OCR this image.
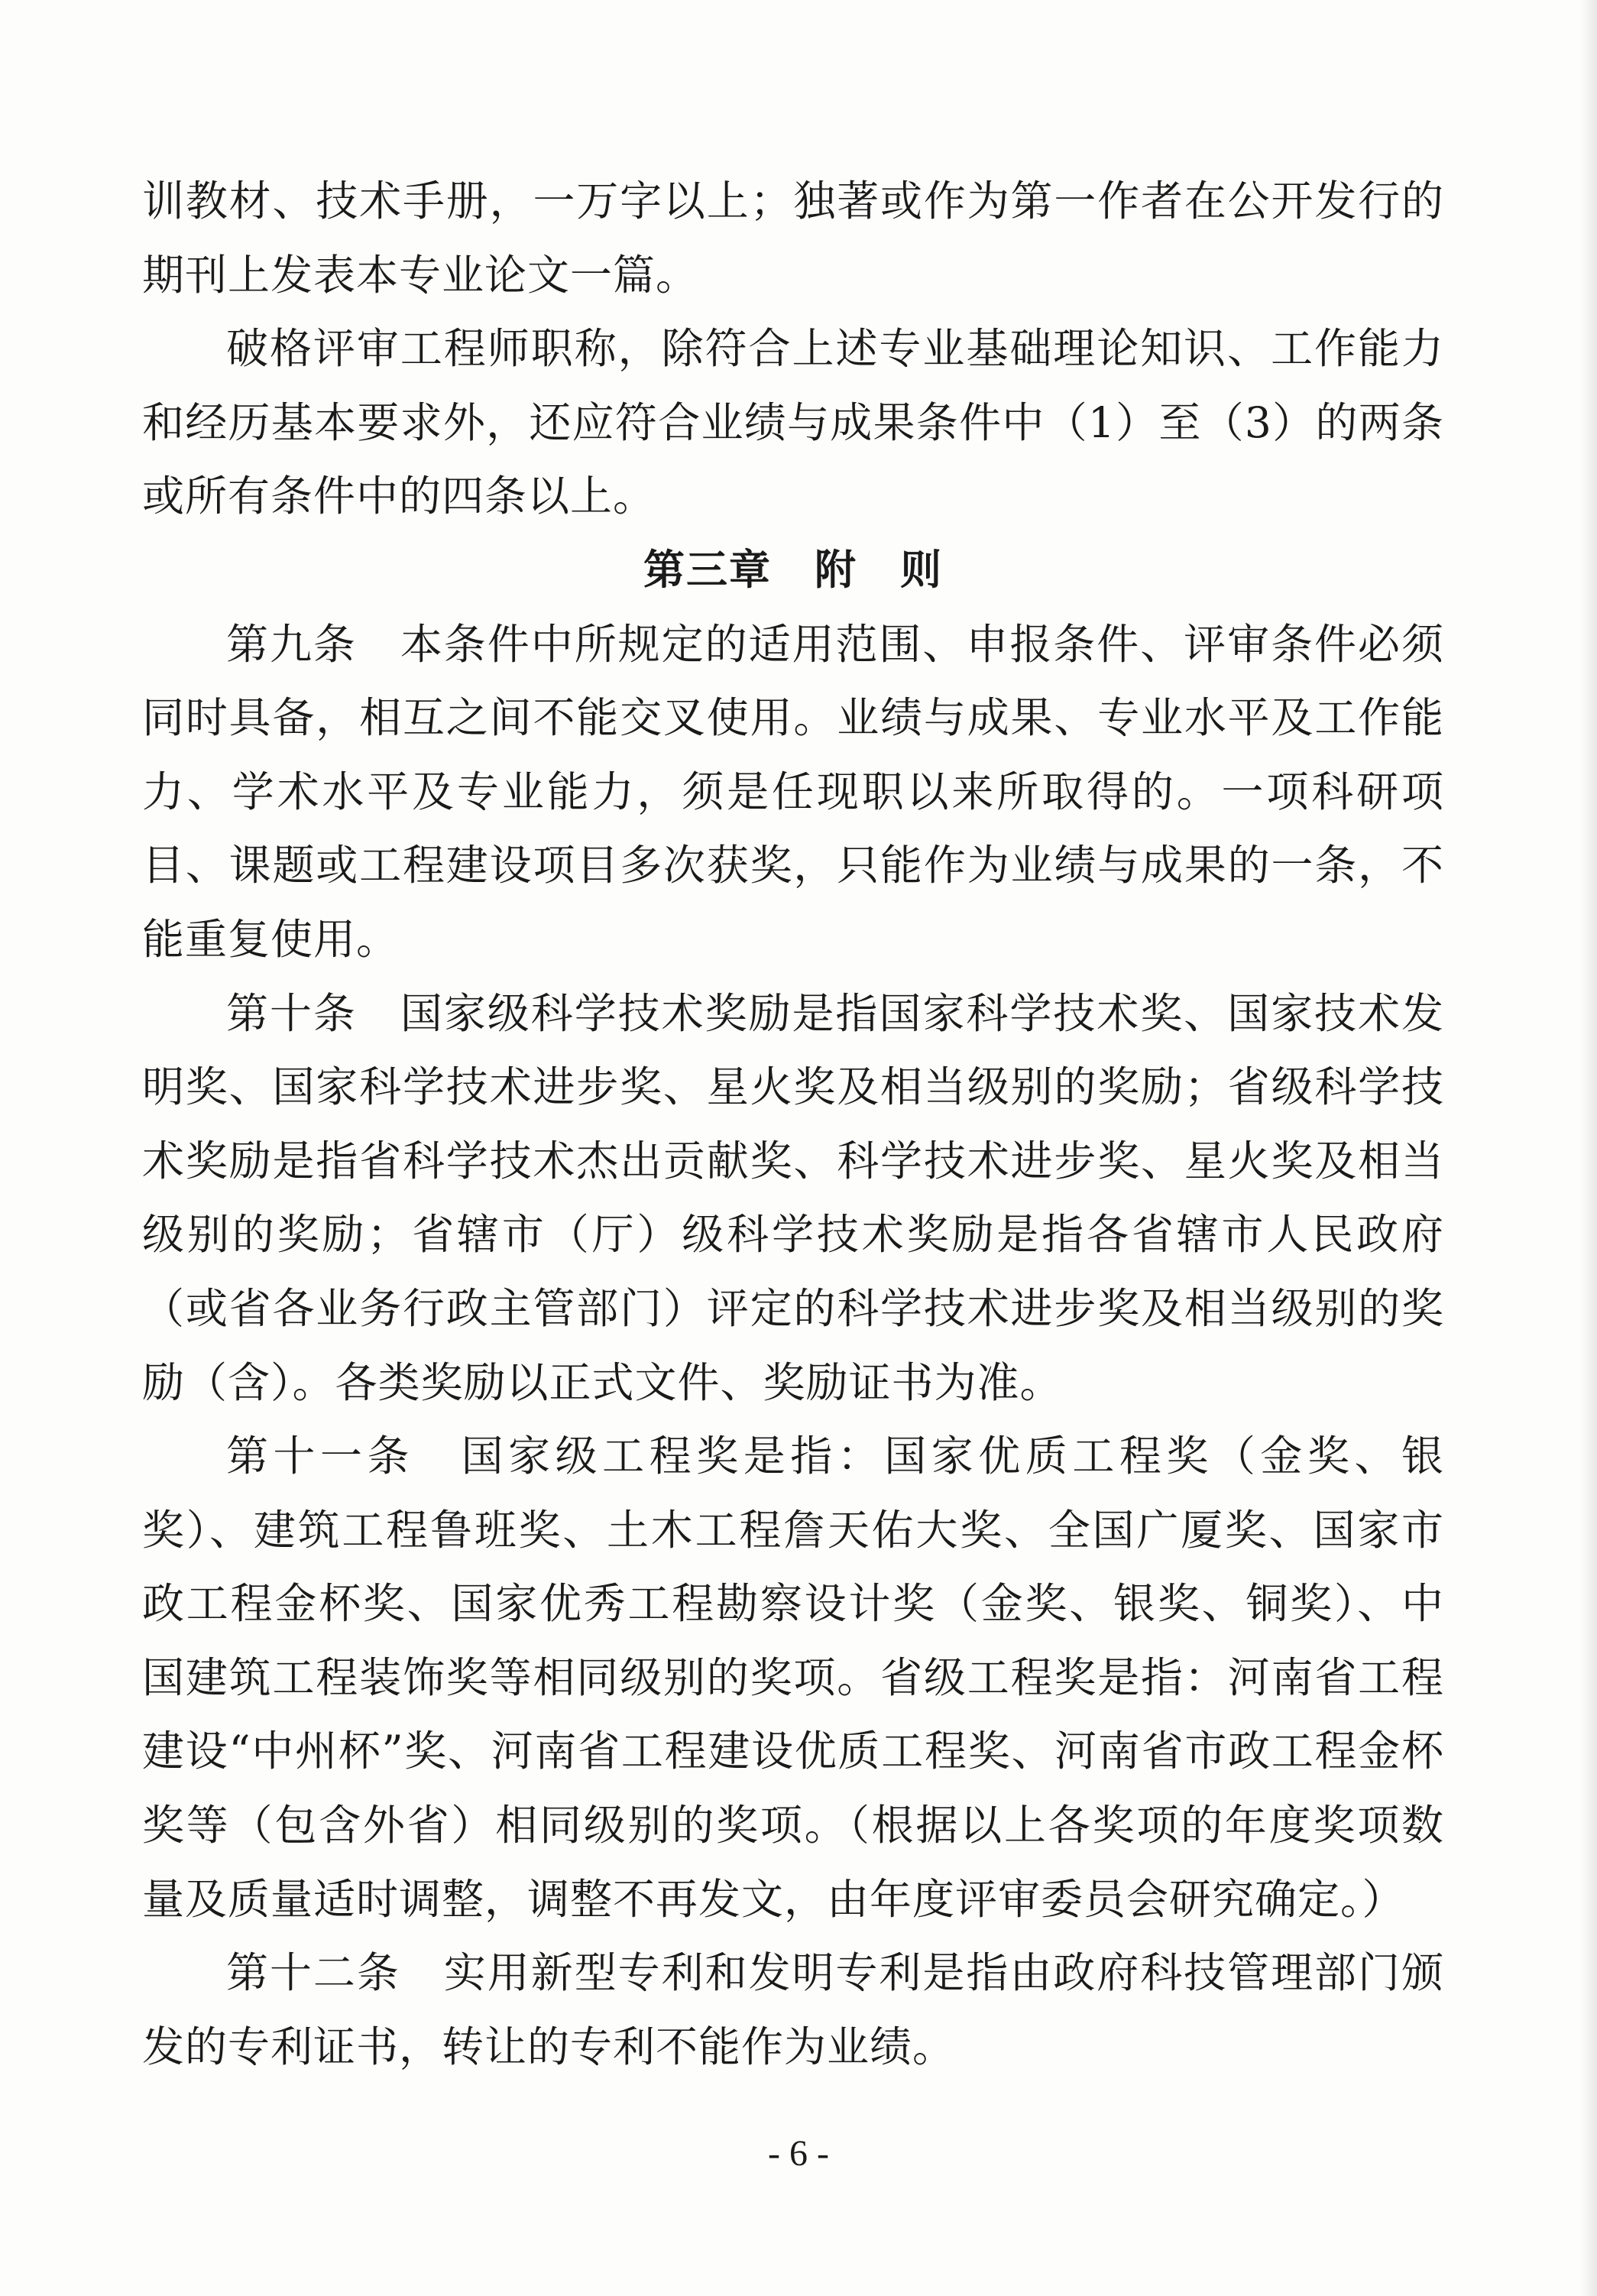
训教材、技术手册，一万字以上；独著或作为第一作者在公开发行的期刊上发表本专业论文一篇。

破格评审工程师职称，除符合上述专业基础理论知识、工作能力和经历基本要求外，还应符合业绩与成果条件中（1）至（3）的两条或所有条件中的四条以上。

第三章　附　则

第九条　本条件中所规定的适用范围、申报条件、评审条件必须同时具备，相互之间不能交叉使用。业绩与成果、专业水平及工作能力、学术水平及专业能力，须是任现职以来所取得的。一项科研项目、课题或工程建设项目多次获奖，只能作为业绩与成果的一条，不能重复使用。

第十条　国家级科学技术奖励是指国家科学技术奖、国家技术发明奖、国家科学技术进步奖、星火奖及相当级别的奖励；省级科学技术奖励是指省科学技术杰出贡献奖、科学技术进步奖、星火奖及相当级别的奖励；省辖市（厅）级科学技术奖励是指各省辖市人民政府（或省各业务行政主管部门）评定的科学技术进步奖及相当级别的奖励（含）。各类奖励以正式文件、奖励证书为准。

第十一条　国家级工程奖是指：国家优质工程奖（金奖、银奖）、建筑工程鲁班奖、土木工程詹天佑大奖、全国广厦奖、国家市政工程金杯奖、国家优秀工程勘察设计奖（金奖、银奖、铜奖）、中国建筑工程装饰奖等相同级别的奖项。省级工程奖是指：河南省工程建设“中州杯”奖、河南省工程建设优质工程奖、河南省市政工程金杯奖等（包含外省）相同级别的奖项。（根据以上各奖项的年度奖项数量及质量适时调整，调整不再发文，由年度评审委员会研究确定。）

第十二条　实用新型专利和发明专利是指由政府科技管理部门颁发的专利证书，转让的专利不能作为业绩。

- 6 -
